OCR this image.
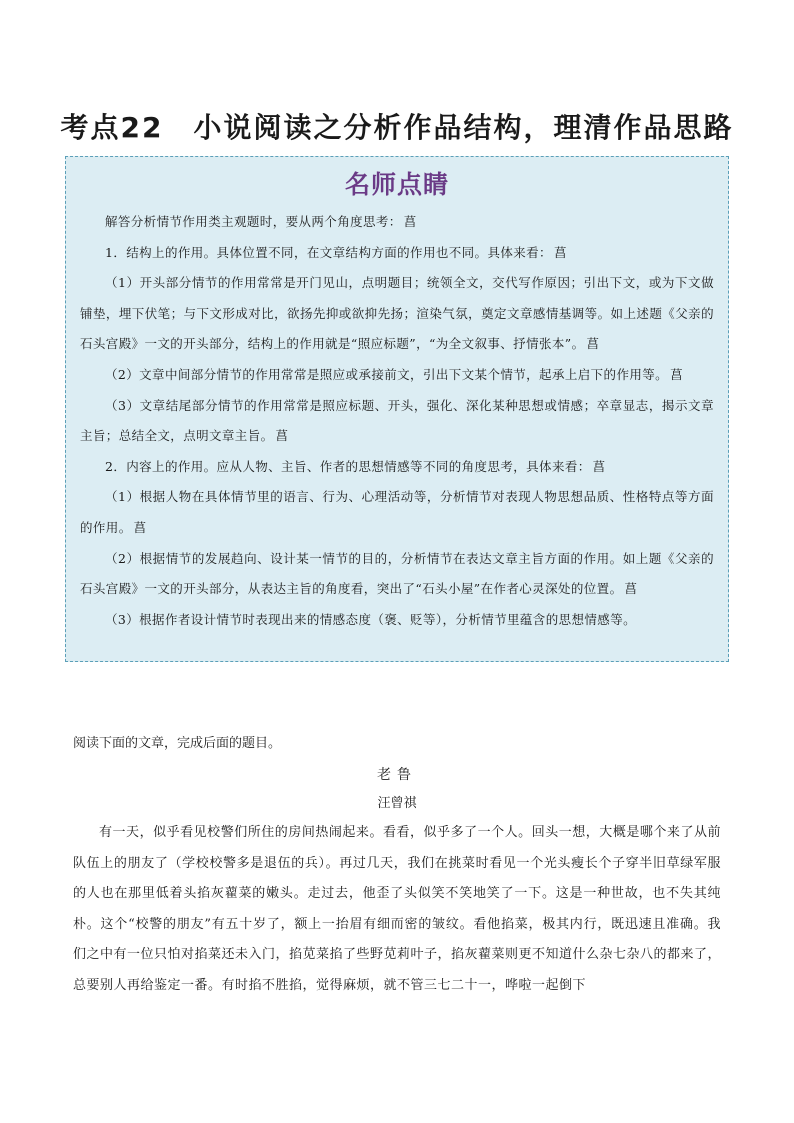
考点22　小说阅读之分析作品结构，理清作品思路
名师点睛

解答分析情节作用类主观题时，要从两个角度思考： 菖

1．结构上的作用。具体位置不同，在文章结构方面的作用也不同。具体来看： 菖

（1）开头部分情节的作用常常是开门见山，点明题目；统领全文，交代写作原因；引出下文，或为下文做铺垫，埋下伏笔；与下文形成对比，欲扬先抑或欲抑先扬；渲染气氛，奠定文章感情基调等。如上述题《父亲的石头宫殿》一文的开头部分，结构上的作用就是“照应标题”，“为全文叙事、抒情张本”。 菖

（2）文章中间部分情节的作用常常是照应或承接前文，引出下文某个情节，起承上启下的作用等。 菖

（3）文章结尾部分情节的作用常常是照应标题、开头，强化、深化某种思想或情感；卒章显志，揭示文章主旨；总结全文，点明文章主旨。 菖

2．内容上的作用。应从人物、主旨、作者的思想情感等不同的角度思考，具体来看： 菖

（1）根据人物在具体情节里的语言、行为、心理活动等，分析情节对表现人物思想品质、性格特点等方面的作用。 菖

（2）根据情节的发展趋向、设计某一情节的目的，分析情节在表达文章主旨方面的作用。如上题《父亲的石头宫殿》一文的开头部分，从表达主旨的角度看，突出了“石头小屋”在作者心灵深处的位置。 菖

（3）根据作者设计情节时表现出来的情感态度（褒、贬等），分析情节里蕴含的思想情感等。

阅读下面的文章，完成后面的题目。
老鲁
汪曾祺

有一天，似乎看见校警们所住的房间热闹起来。看看，似乎多了一个人。回头一想，大概是哪个来了从前队伍上的朋友了（学校校警多是退伍的兵）。再过几天，我们在挑菜时看见一个光头瘦长个子穿半旧草绿军服的人也在那里低着头掐灰藋菜的嫩头。走过去，他歪了头似笑不笑地笑了一下。这是一种世故，也不失其纯朴。这个“校警的朋友”有五十岁了，额上一抬眉有细而密的皱纹。看他掐菜，极其内行，既迅速且准确。我们之中有一位只怕对掐菜还未入门，掐苋菜掐了些野苋莉叶子，掐灰藋菜则更不知道什么杂七杂八的都来了，总要别人再给鉴定一番。有时掐不胜掐，觉得麻烦，就不管三七二十一，哗啦一起倒下
